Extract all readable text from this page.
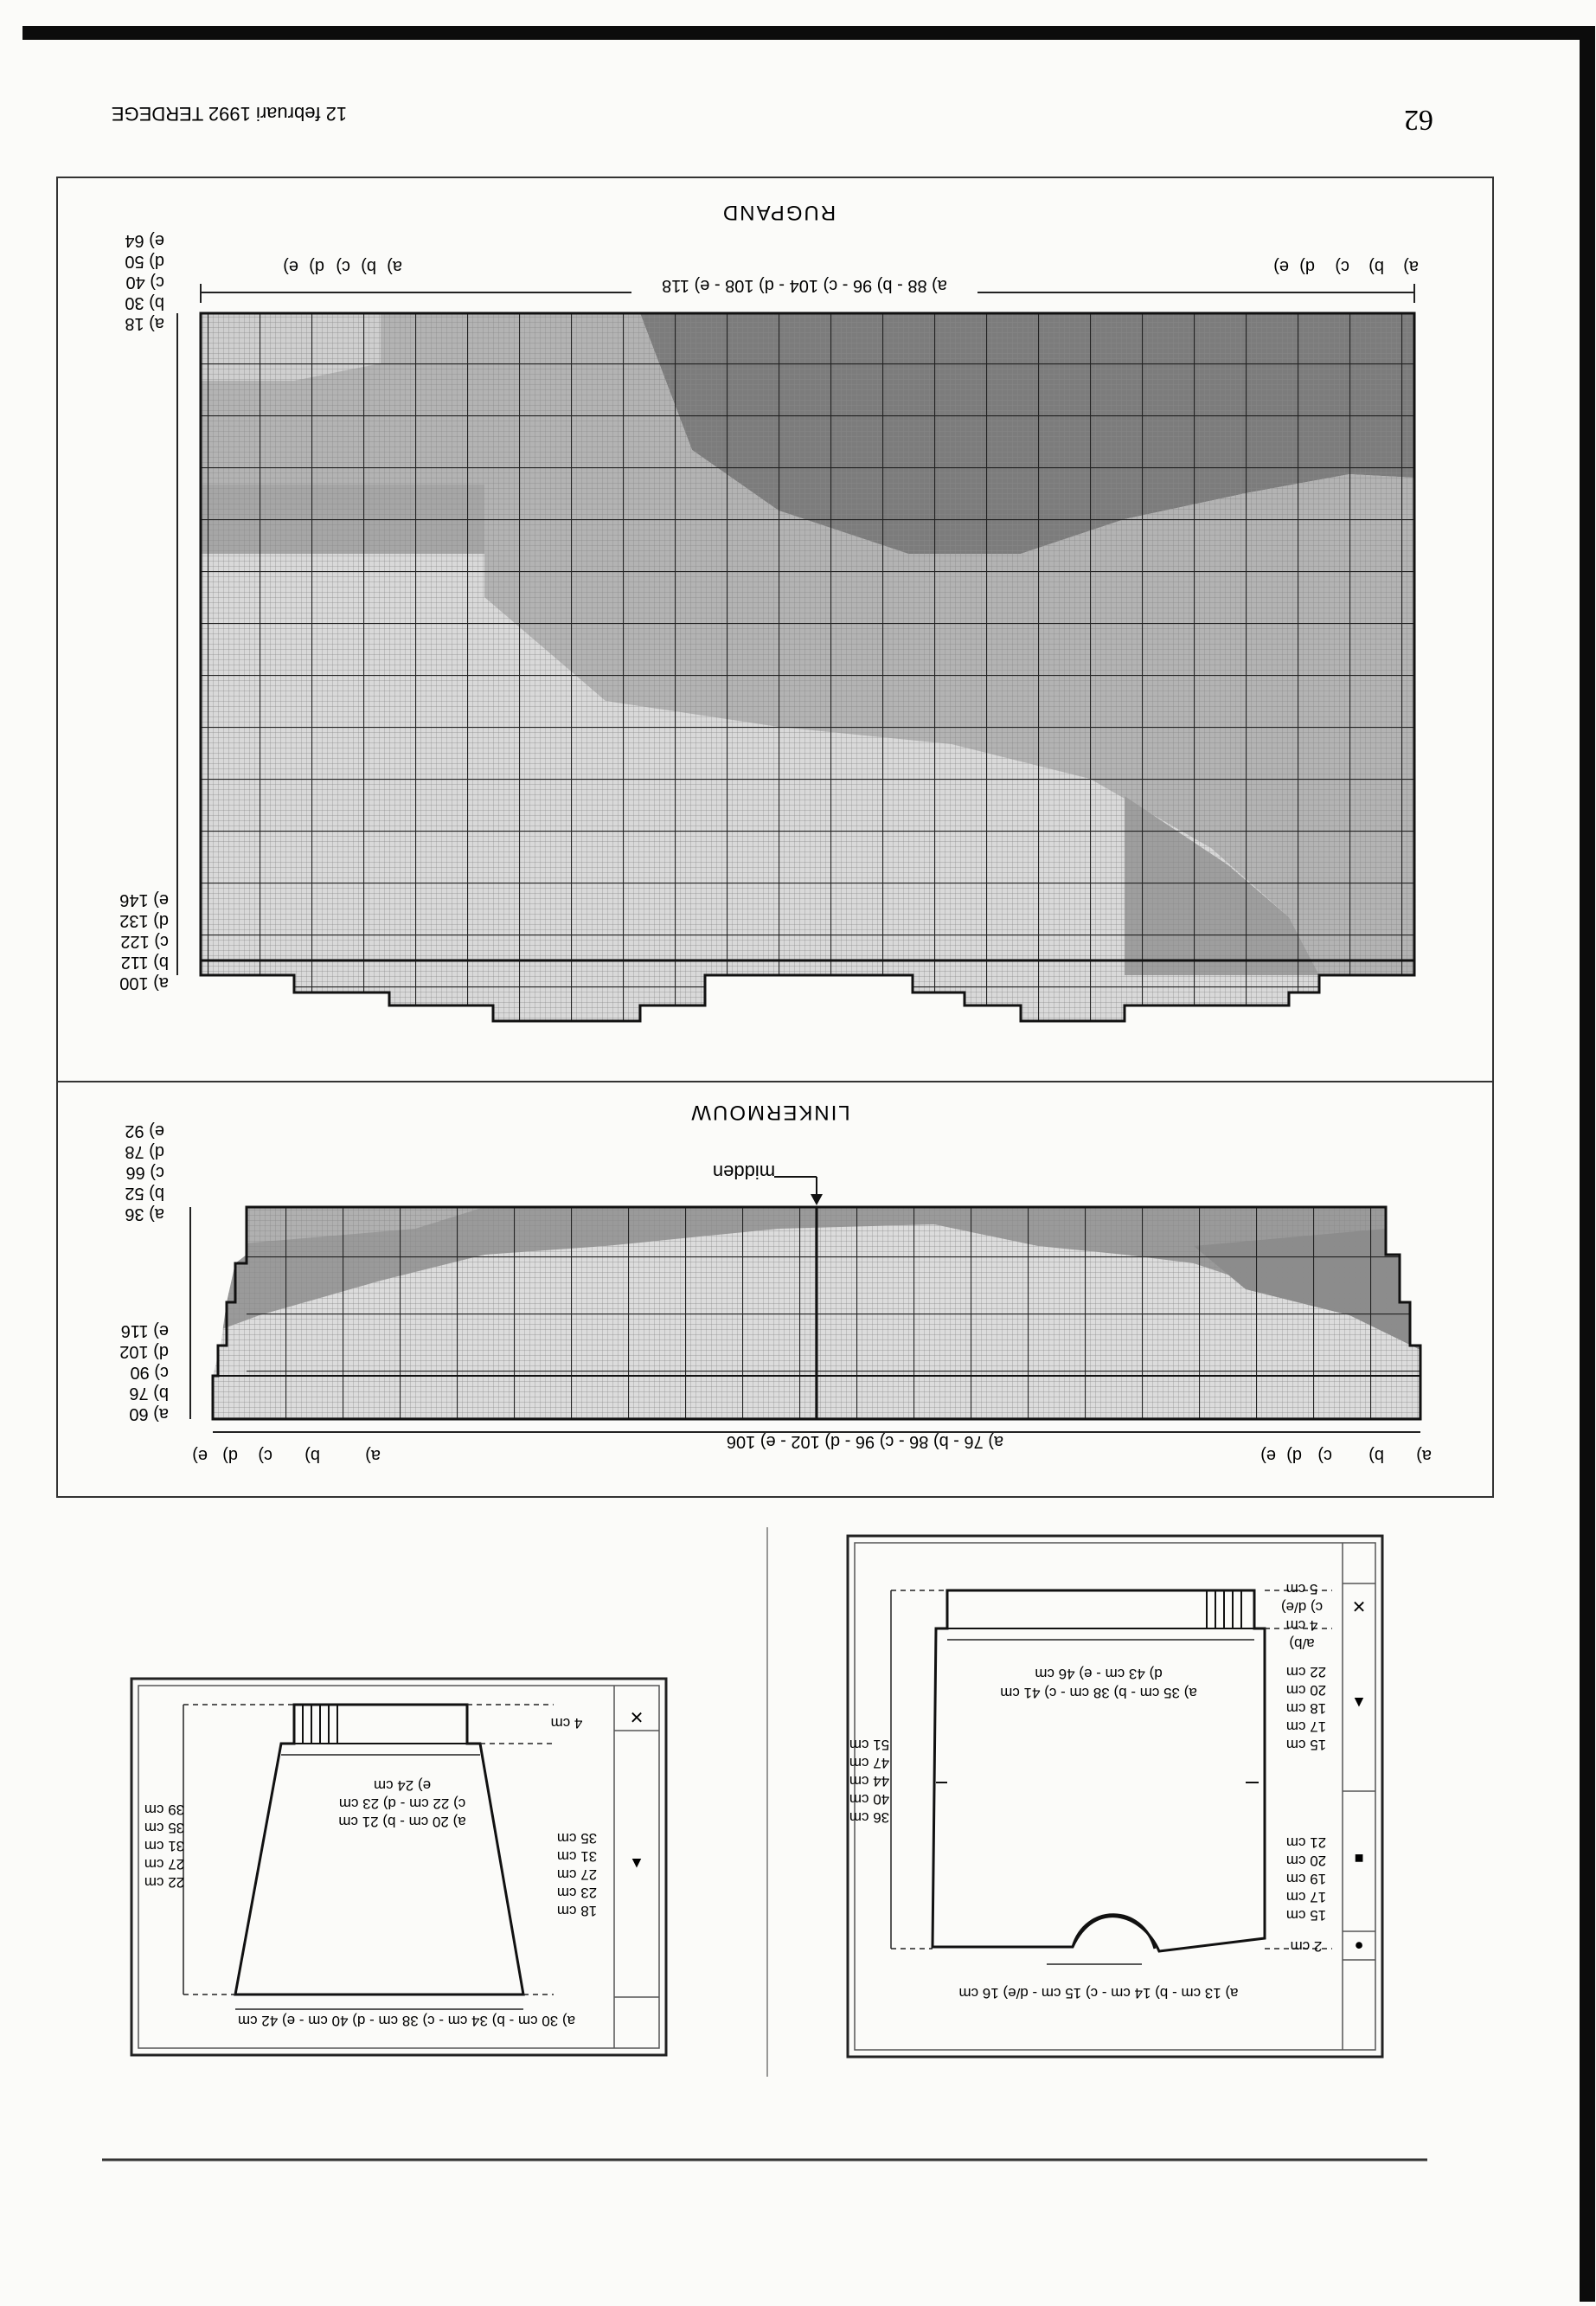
62
12 februari 1992 TERDEGE
a) 88 - b) 96 - c) 104 - d) 108 - e) 118
a)
b)
c)
d)
e)	a)
b)
c)
d)
e)
RUGPAND
a) 18
b) 30
c) 40
d) 50
e) 64
a) 100
b) 112
c) 122
d) 132
e) 146
midden
LINKERMOUW
a) 76 - b) 86 - c) 96 - d) 102 - e) 106
a)
b)
c)
d)
e)	a)
b)
c)
d)
e)
a) 36
b) 52
c) 66
d) 78
e) 92
a) 60
b) 76
c) 90
d) 102
e) 116
a) 13 cm - b) 14 cm - c) 15 cm - d/e) 16 cm
a) 35 cm - b) 38 cm - c) 41 cm
d) 43 cm - e) 46 cm
36 cm
40 cm
44 cm
47 cm
51 cm
×
a/b)
4 cm
c) d/e)
5 cm
▲
15 cm
17 cm
18 cm
20 cm
22 cm
■
15 cm
17 cm
19 cm
20 cm
21 cm
●
2 cm
a) 30 cm - b) 34 cm - c) 38 cm - d) 40 cm - e) 42 cm
a) 20 cm - b) 21 cm
c) 22 cm - d) 23 cm
e) 24 cm
22 cm
27 cm
31 cm
35 cm
39 cm
4 cm ×
▲
18 cm
23 cm
27 cm
31 cm
35 cm
